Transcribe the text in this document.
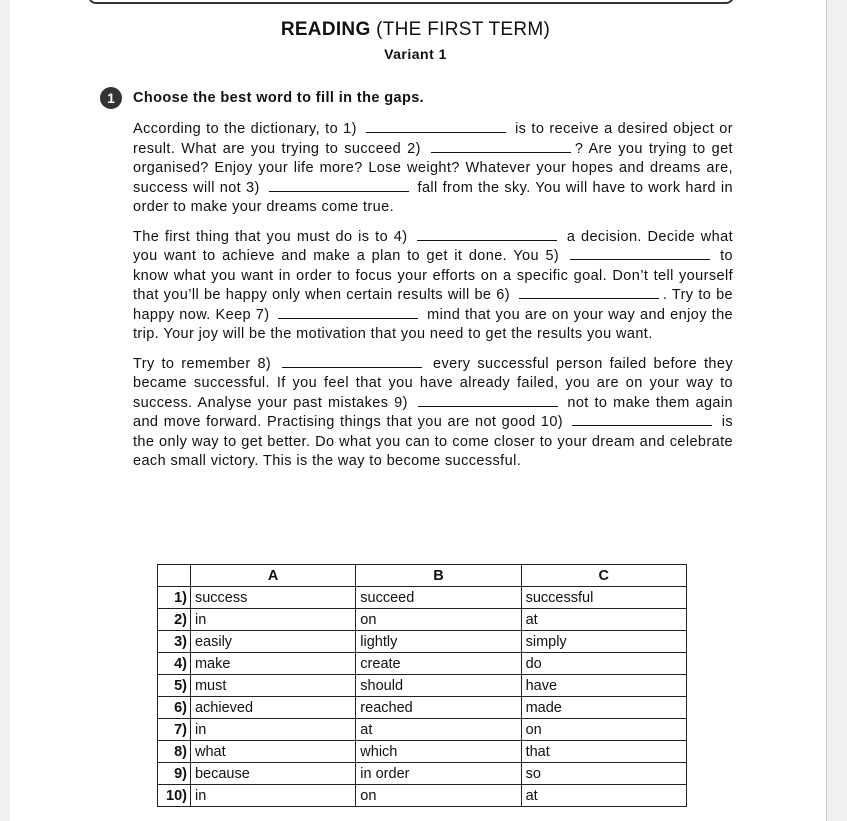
READING (THE FIRST TERM)
Variant 1
1	Choose the best word to fill in the gaps.

According to the dictionary, to 1)	is to receive a desired object or result. What are you trying to succeed 2)	? Are you trying to get organised? Enjoy your life more? Lose weight? Whatever your hopes and dreams are, success will not 3)	fall from the sky. You will have to work hard in order to make your dreams come true.

The first thing that you must do is to 4)	a decision. Decide what you want to achieve and make a plan to get it done. You 5)	to know what you want in order to focus your efforts on a specific goal. Don’t tell yourself that you’ll be happy only when certain results will be 6)	. Try to be happy now. Keep 7)	mind that you are on your way and enjoy the trip. Your joy will be the motivation that you need to get the results you want.

Try to remember 8)	every successful person failed before they became successful. If you feel that you have already failed, you are on your way to success. Analyse your past mistakes 9)	not to make them again and move forward. Practising things that you are not good 10)	is the only way to get better. Do what you can to come closer to your dream and celebrate each small victory. This is the way to become successful.

	A	B	C
1)	success	succeed	successful
2)	in	on	at
3)	easily	lightly	simply
4)	make	create	do
5)	must	should	have
6)	achieved	reached	made
7)	in	at	on
8)	what	which	that
9)	because	in order	so
10)	in	on	at
